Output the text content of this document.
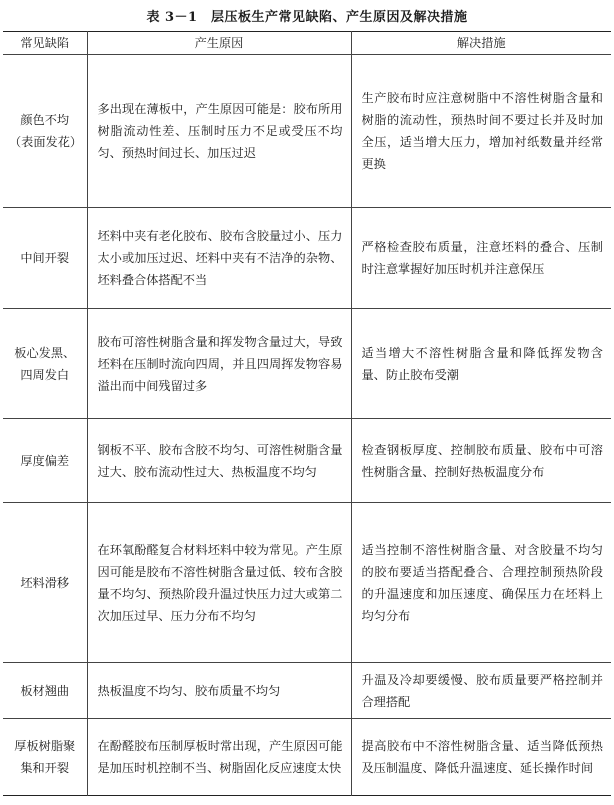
表 3－1　层压板生产常见缺陷、产生原因及解决措施
常见缺陷	产生原因	解决措施
颜色不均（表面发花）	多出现在薄板中，产生原因可能是：胶布所用树脂流动性差、压制时压力不足或受压不均匀、预热时间过长、加压过迟	生产胶布时应注意树脂中不溶性树脂含量和树脂的流动性，预热时间不要过长并及时加全压，适当增大压力，增加衬纸数量并经常更换
中间开裂	坯料中夹有老化胶布、胶布含胶量过小、压力太小或加压过迟、坯料中夹有不洁净的杂物、坯料叠合体搭配不当	严格检查胶布质量，注意坯料的叠合、压制时注意掌握好加压时机并注意保压
板心发黑、四周发白	胶布可溶性树脂含量和挥发物含量过大，导致坯料在压制时流向四周，并且四周挥发物容易溢出而中间残留过多	适当增大不溶性树脂含量和降低挥发物含量、防止胶布受潮
厚度偏差	钢板不平、胶布含胶不均匀、可溶性树脂含量过大、胶布流动性过大、热板温度不均匀	检查钢板厚度、控制胶布质量、胶布中可溶性树脂含量、控制好热板温度分布
坯料滑移	在环氧酚醛复合材料坯料中较为常见。产生原因可能是胶布不溶性树脂含量过低、较布含胶量不均匀、预热阶段升温过快压力过大或第二次加压过早、压力分布不均匀	适当控制不溶性树脂含量、对含胶量不均匀的胶布要适当搭配叠合、合理控制预热阶段的升温速度和加压速度、确保压力在坯料上均匀分布
板材翘曲	热板温度不均匀、胶布质量不均匀	升温及冷却要缓慢、胶布质量要严格控制并合理搭配
厚板树脂聚集和开裂	在酚醛胶布压制厚板时常出现，产生原因可能是加压时机控制不当、树脂固化反应速度太快	提高胶布中不溶性树脂含量、适当降低预热及压制温度、降低升温速度、延长操作时间
